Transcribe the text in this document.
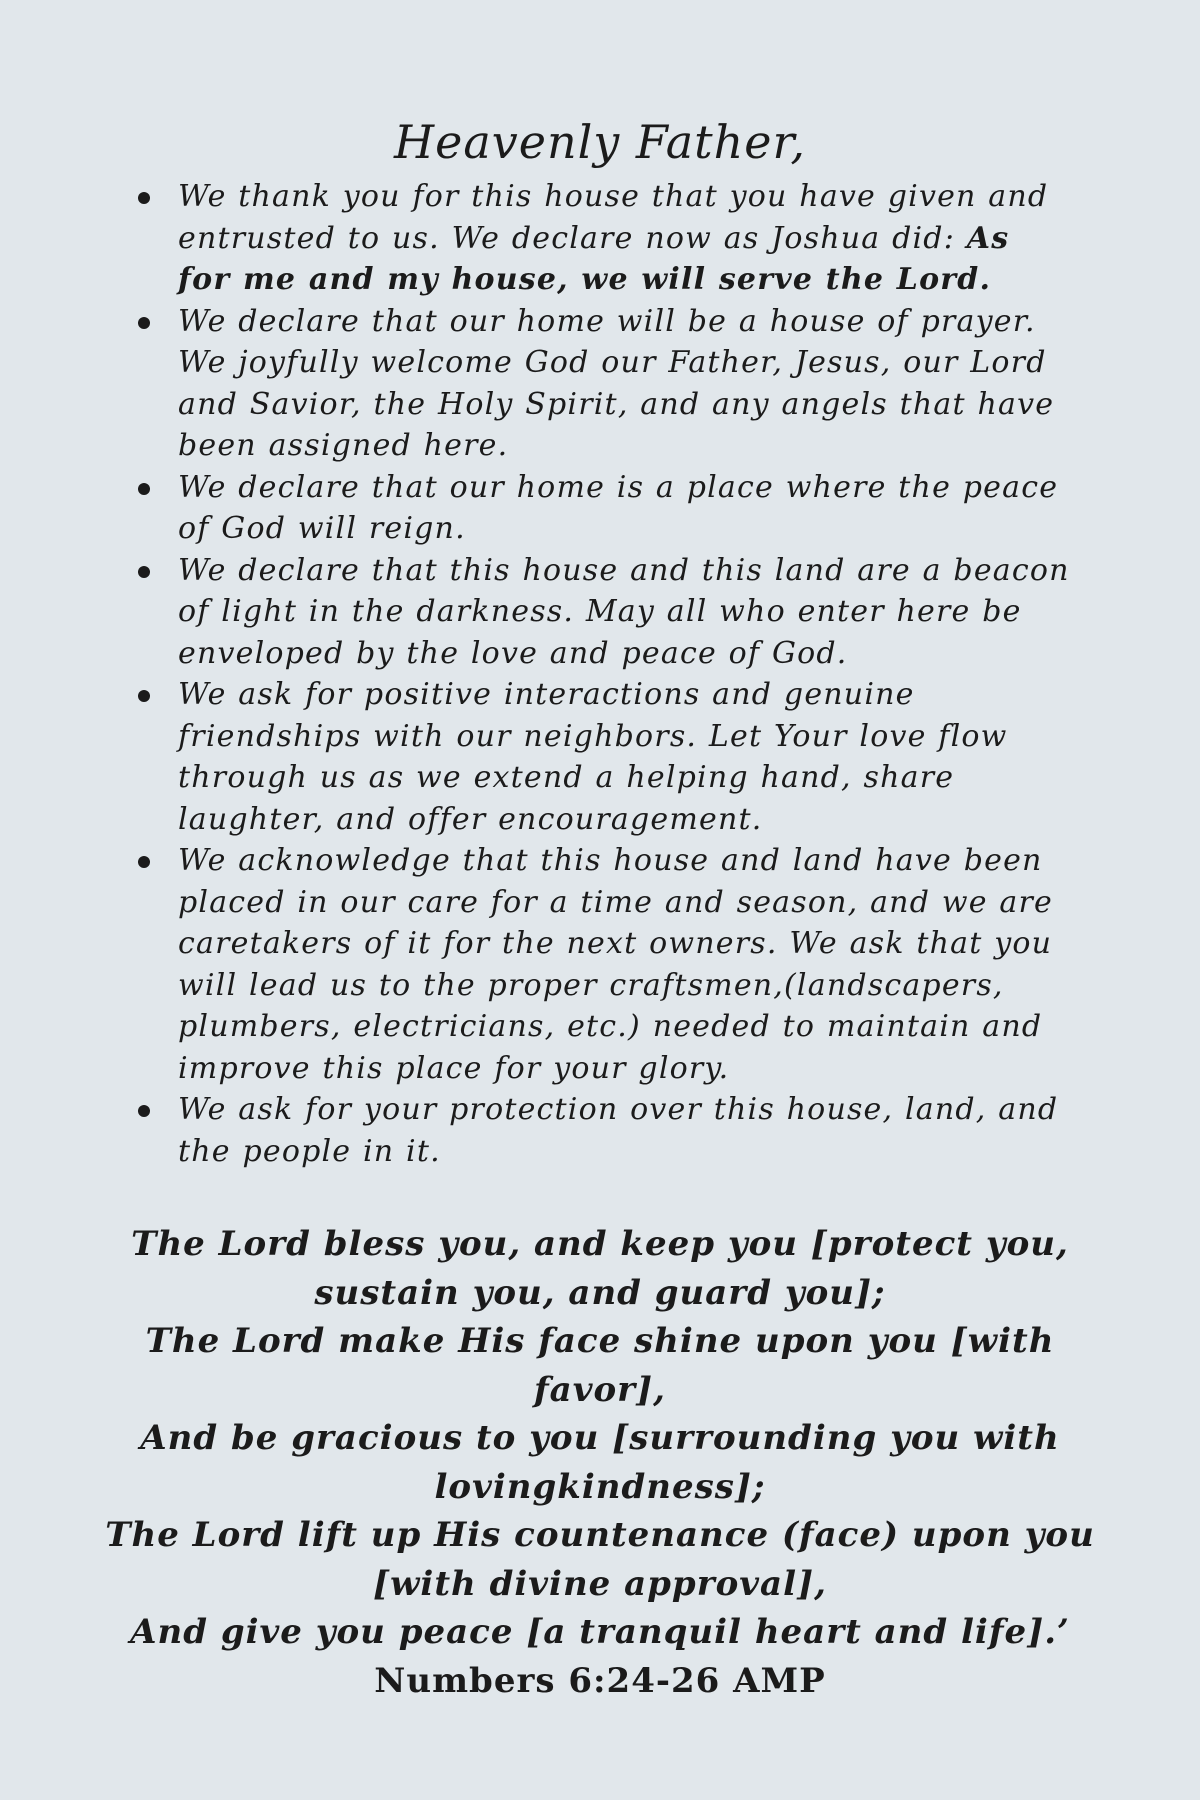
Heavenly Father,
We thank you for this house that you have given and entrusted to us. We declare now as Joshua did: As for me and my house, we will serve the Lord.
We declare that our home will be a house of prayer. We joyfully welcome God our Father, Jesus, our Lord and Savior, the Holy Spirit, and any angels that have been assigned here.
We declare that our home is a place where the peace of God will reign.
We declare that this house and this land are a beacon of light in the darkness. May all who enter here be enveloped by the love and peace of God.
We ask for positive interactions and genuine friendships with our neighbors. Let Your love flow through us as we extend a helping hand, share laughter, and offer encouragement.
We acknowledge that this house and land have been placed in our care for a time and season, and we are caretakers of it for the next owners. We ask that you will lead us to the proper craftsmen,(landscapers, plumbers, electricians, etc.) needed to maintain and improve this place for your glory.
We ask for your protection over this house, land, and the people in it.

The Lord bless you, and keep you [protect you, sustain you, and guard you];
The Lord make His face shine upon you [with favor],
And be gracious to you [surrounding you with lovingkindness];
The Lord lift up His countenance (face) upon you [with divine approval],
And give you peace [a tranquil heart and life].’
Numbers 6:24-26 AMP
